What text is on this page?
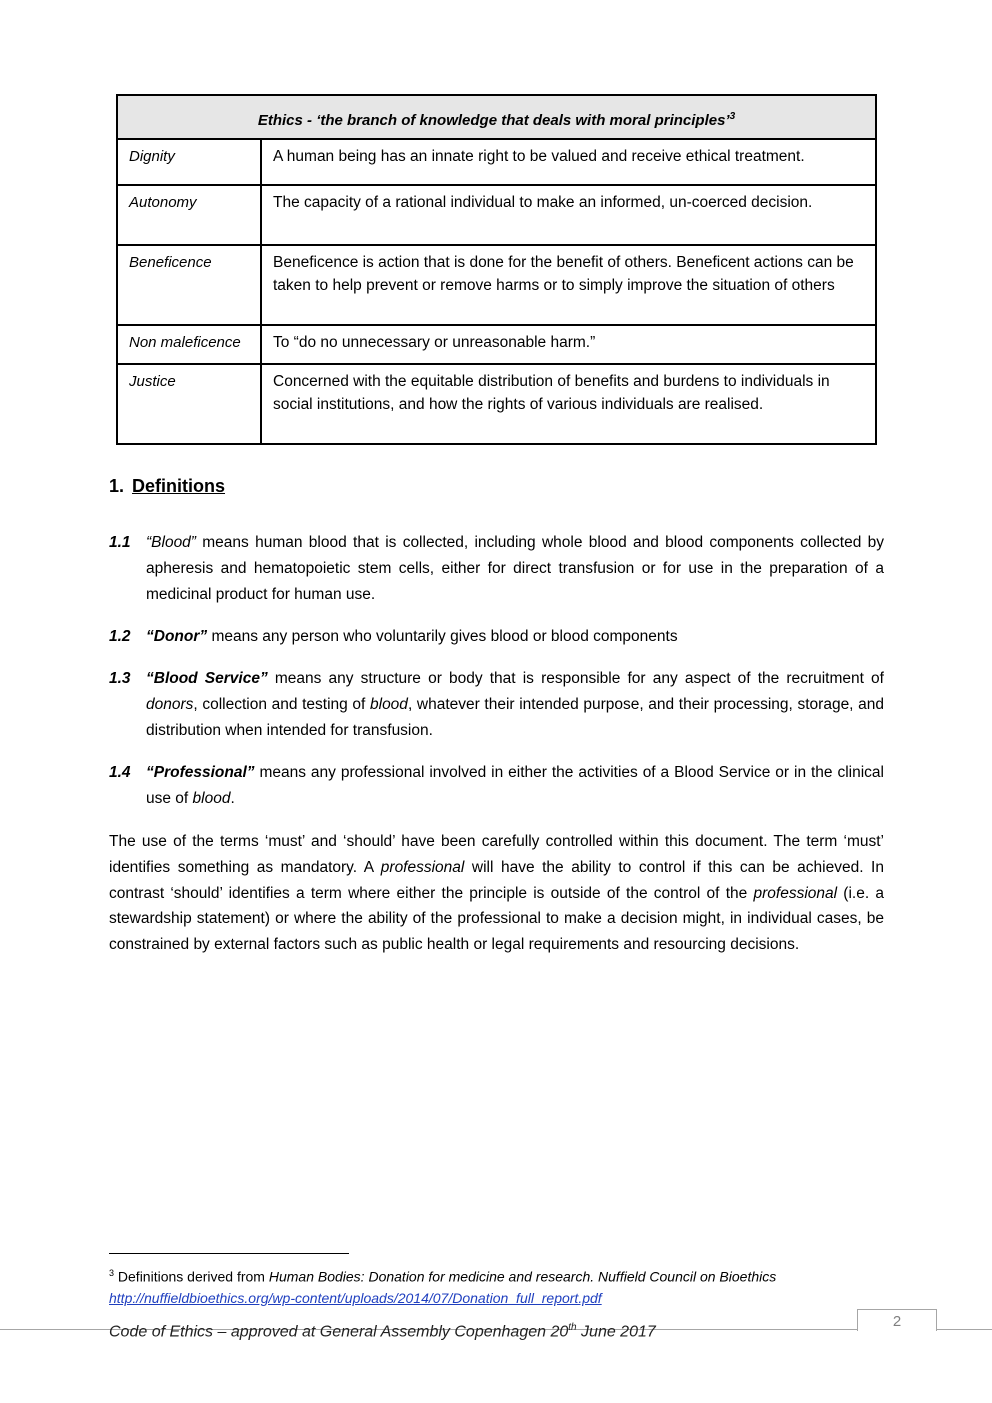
Ethics - ‘the branch of knowledge that deals with moral principles’$^3$
Dignity	A human being has an innate right to be valued and receive ethical treatment.
Autonomy	The capacity of a rational individual to make an informed, un-coerced decision.
Beneficence	Beneficence is action that is done for the benefit of others. Beneficent actions can be taken to help prevent or remove harms or to simply improve the situation of others
Non maleficence	To “do no unnecessary or unreasonable harm.”
Justice	Concerned with the equitable distribution of benefits and burdens to individuals in social institutions, and how the rights of various individuals are realised.
1. Definitions
1.1 “Blood” means human blood that is collected, including whole blood and blood components collected by apheresis and hematopoietic stem cells, either for direct transfusion or for use in the preparation of a medicinal product for human use.
1.2 “Donor” means any person who voluntarily gives blood or blood components
1.3 “Blood Service” means any structure or body that is responsible for any aspect of the recruitment of donors, collection and testing of blood, whatever their intended purpose, and their processing, storage, and distribution when intended for transfusion.
1.4 “Professional” means any professional involved in either the activities of a Blood Service or in the clinical use of blood.
The use of the terms ‘must’ and ‘should’ have been carefully controlled within this document. The term ‘must’ identifies something as mandatory. A professional will have the ability to control if this can be achieved. In contrast ‘should’ identifies a term where either the principle is outside of the control of the professional (i.e. a stewardship statement) or where the ability of the professional to make a decision might, in individual cases, be constrained by external factors such as public health or legal requirements and resourcing decisions.
$^3$ Definitions derived from Human Bodies: Donation for medicine and research. Nuffield Council on Bioethics
http://nuffieldbioethics.org/wp-content/uploads/2014/07/Donation_full_report.pdf
2
Code of Ethics – approved at General Assembly Copenhagen 20th June 2017
